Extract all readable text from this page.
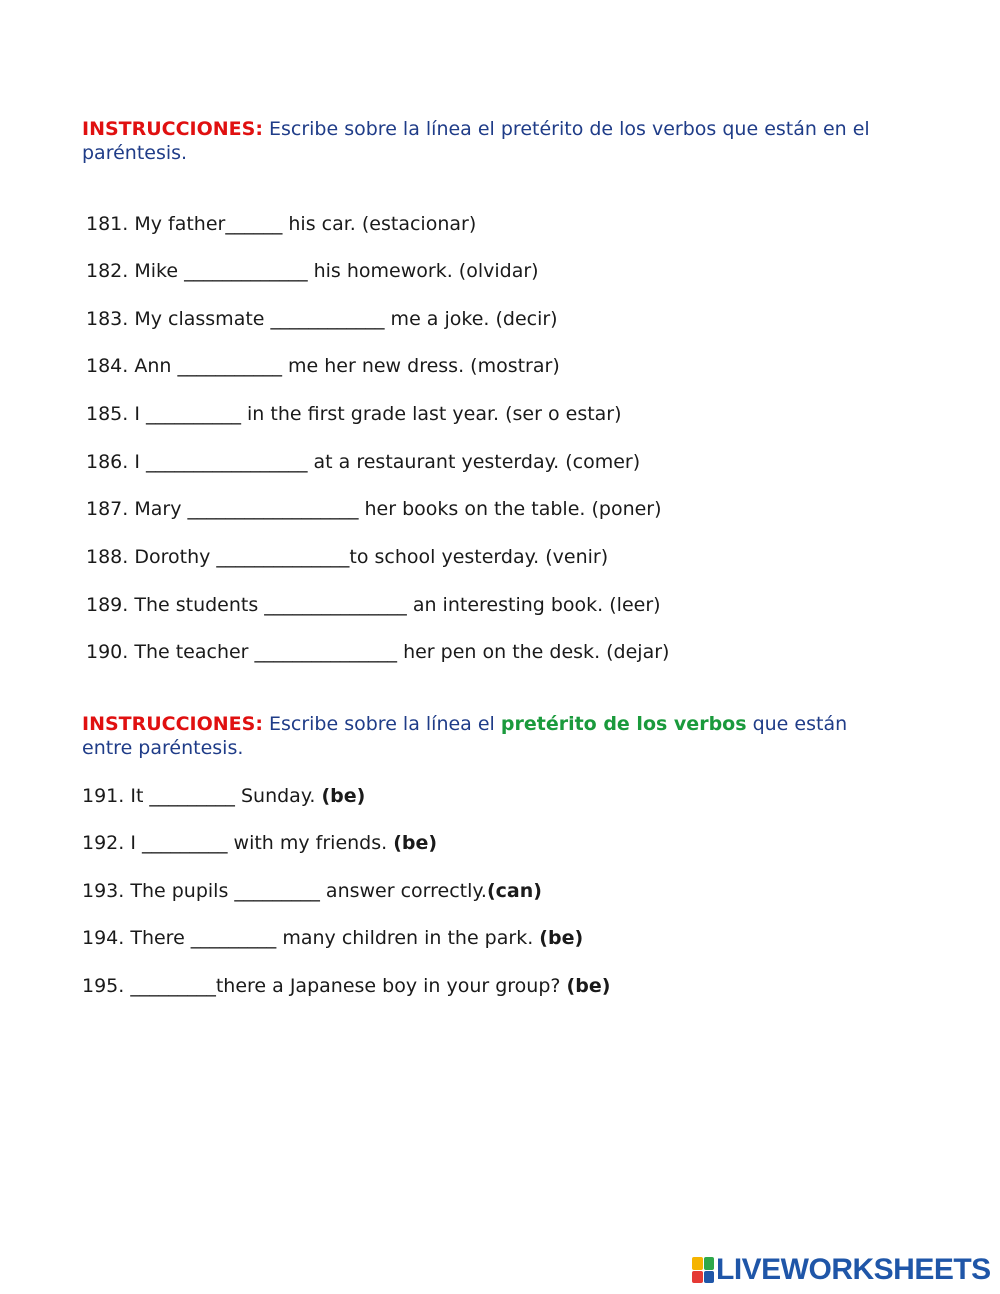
INSTRUCCIONES: Escribe sobre la línea el pretérito de los verbos que están en el
paréntesis.
181. My father______ his car. (estacionar)
182. Mike _____________ his homework. (olvidar)
183. My classmate ____________ me a joke. (decir)
184. Ann ___________ me her new dress. (mostrar)
185. I __________ in the first grade last year. (ser o estar)
186. I _________________ at a restaurant yesterday. (comer)
187. Mary __________________ her books on the table. (poner)
188. Dorothy ______________to school yesterday. (venir)
189. The students _______________ an interesting book. (leer)
190. The teacher _______________ her pen on the desk. (dejar)
INSTRUCCIONES: Escribe sobre la línea el pretérito de los verbos que están
entre paréntesis.
191. It _________ Sunday. (be)
192. I _________ with my friends. (be)
193. The pupils _________ answer correctly.(can)
194. There _________ many children in the park. (be)
195. _________there a Japanese boy in your group? (be)
LIVEWORKSHEETS
